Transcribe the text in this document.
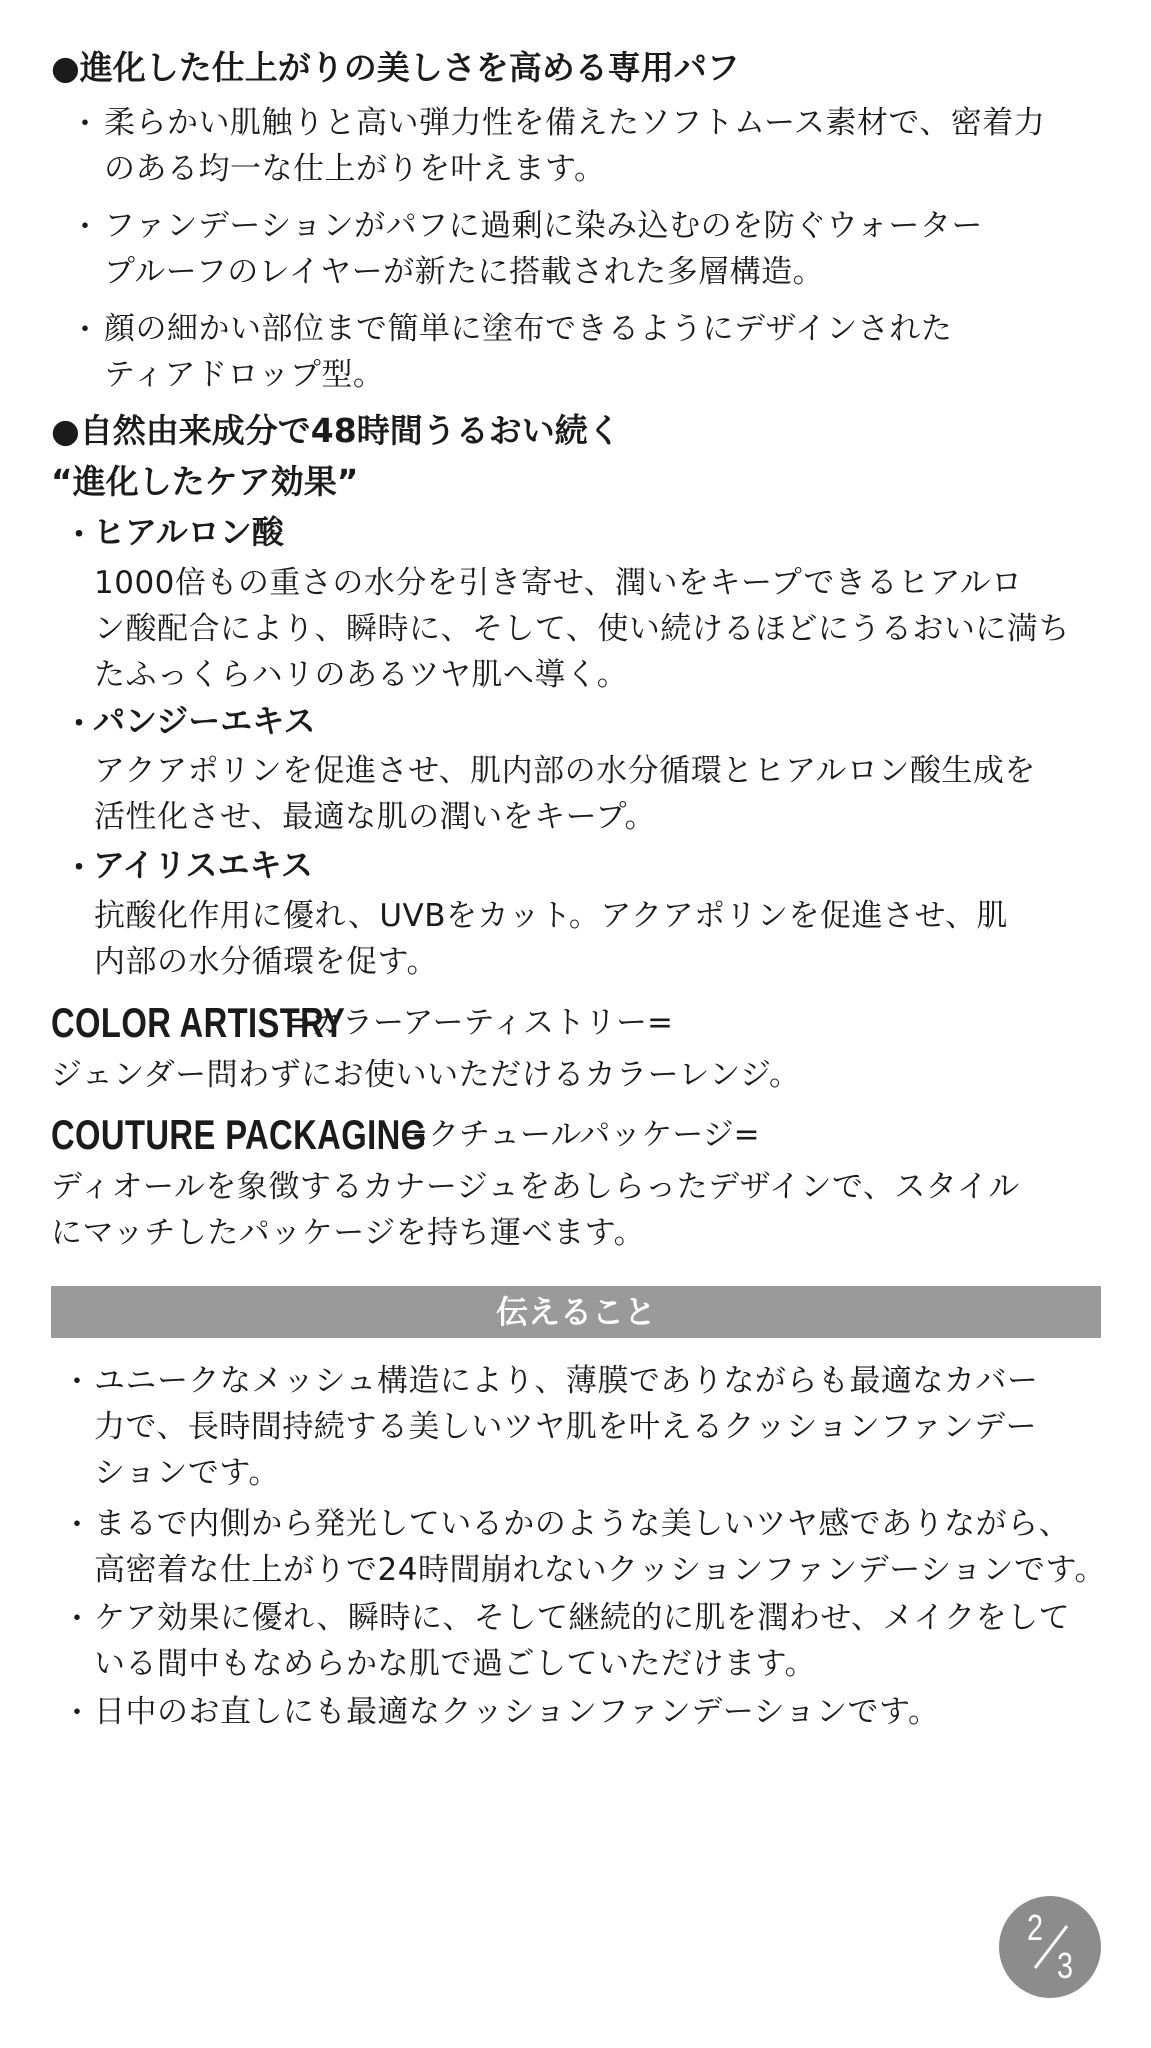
●進化した仕上がりの美しさを高める専用パフ
・ 柔らかい肌触りと高い弾力性を備えたソフトムース素材で、密着力
のある均一な仕上がりを叶えます。
・ ファンデーションがパフに過剰に染み込むのを防ぐウォーター
プルーフのレイヤーが新たに搭載された多層構造。
・ 顔の細かい部位まで簡単に塗布できるようにデザインされた
ティアドロップ型。
●自然由来成分で48時間うるおい続く
“進化したケア効果”
・ ヒアルロン酸
1000倍もの重さの水分を引き寄せ、潤いをキープできるヒアルロ
ン酸配合により、瞬時に、そして、使い続けるほどにうるおいに満ち
たふっくらハリのあるツヤ肌へ導く。
・ パンジーエキス
アクアポリンを促進させ、肌内部の水分循環とヒアルロン酸生成を
活性化させ、最適な肌の潤いをキープ。
・ アイリスエキス
抗酸化作用に優れ、UVBをカット。アクアポリンを促進させ、肌
内部の水分循環を促す。
COLOR ARTISTRY
=カラーアーティストリー=
ジェンダー問わずにお使いいただけるカラーレンジ。
COUTURE PACKAGING
=クチュールパッケージ=
ディオールを象徴するカナージュをあしらったデザインで、スタイル
にマッチしたパッケージを持ち運べます。
伝えること
・ ユニークなメッシュ構造により、薄膜でありながらも最適なカバー
力で、長時間持続する美しいツヤ肌を叶えるクッションファンデー
ションです。
・ まるで内側から発光しているかのような美しいツヤ感でありながら、
高密着な仕上がりで24時間崩れないクッションファンデーションです。
・ ケア効果に優れ、瞬時に、そして継続的に肌を潤わせ、メイクをして
いる間中もなめらかな肌で過ごしていただけます。
・ 日中のお直しにも最適なクッションファンデーションです。
2
3
